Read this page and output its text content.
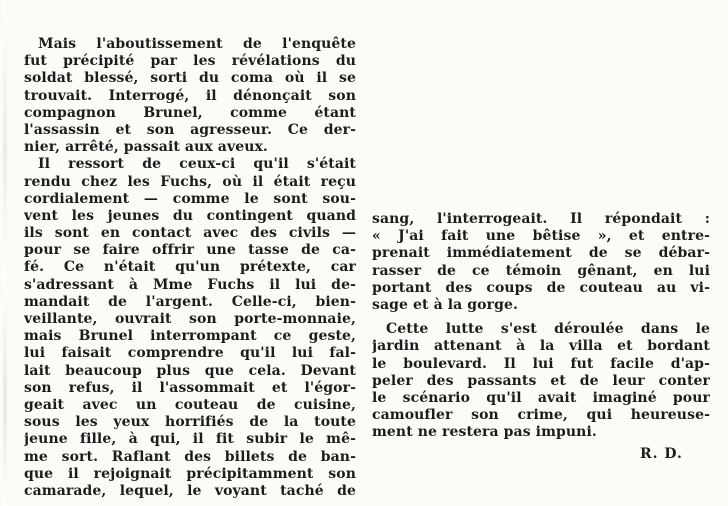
Mais l'aboutissement de l'enquête
fut précipité par les révélations du
soldat blessé, sorti du coma où il se
trouvait. Interrogé, il dénonçait son
compagnon Brunel, comme étant
l'assassin et son agresseur. Ce der-
nier, arrêté, passait aux aveux.
Il ressort de ceux-ci qu'il s'était
rendu chez les Fuchs, où il était reçu
cordialement — comme le sont sou-
vent les jeunes du contingent quand
ils sont en contact avec des civils —
pour se faire offrir une tasse de ca-
fé. Ce n'était qu'un prétexte, car
s'adressant à Mme Fuchs il lui de-
mandait de l'argent. Celle-ci, bien-
veillante, ouvrait son porte-monnaie,
mais Brunel interrompant ce geste,
lui faisait comprendre qu'il lui fal-
lait beaucoup plus que cela. Devant
son refus, il l'assommait et l'égor-
geait avec un couteau de cuisine,
sous les yeux horrifiés de la toute
jeune fille, à qui, il fit subir le mê-
me sort. Raflant des billets de ban-
que il rejoignait précipitamment son
camarade, lequel, le voyant taché de
sang, l'interrogeait. Il répondait :
« J'ai fait une bêtise », et entre-
prenait immédiatement de se débar-
rasser de ce témoin gênant, en lui
portant des coups de couteau au vi-
sage et à la gorge.
Cette lutte s'est déroulée dans le
jardin attenant à la villa et bordant
le boulevard. Il lui fut facile d'ap-
peler des passants et de leur conter
le scénario qu'il avait imaginé pour
camoufler son crime, qui heureuse-
ment ne restera pas impuni.
R. D.
